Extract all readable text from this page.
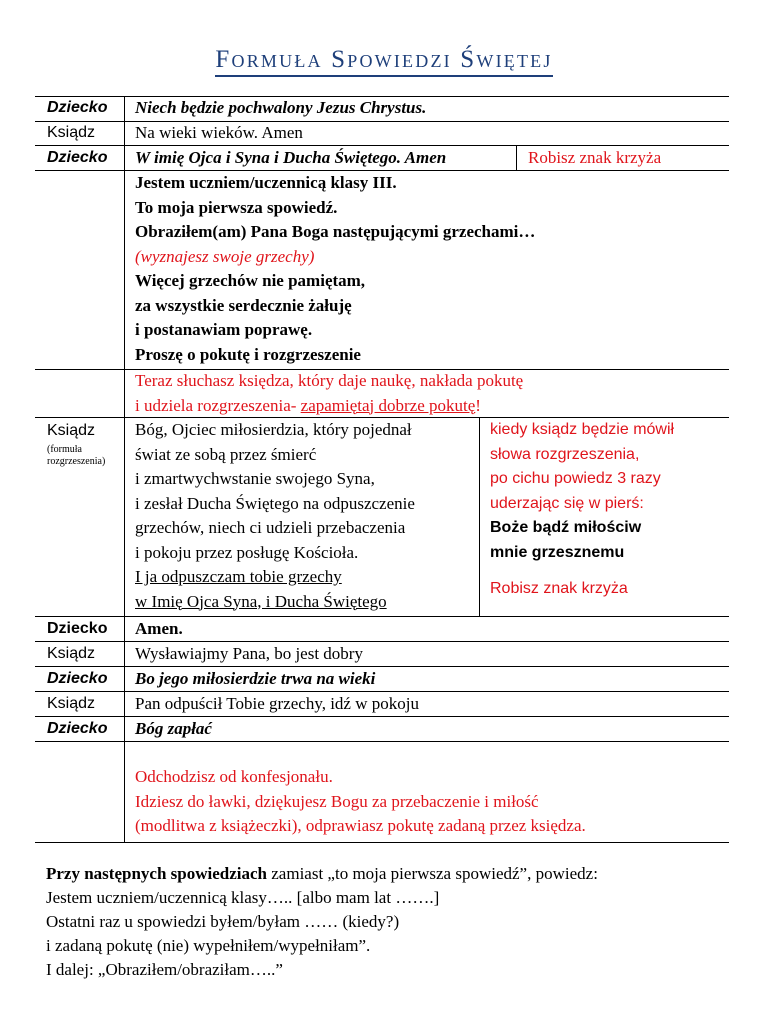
Formuła Spowiedzi Świętej
Dziecko Niech będzie pochwalony Jezus Chrystus.
Ksiądz Na wieki wieków. Amen
Dziecko W imię Ojca i Syna i Ducha Świętego. Amen	Robisz znak krzyża
Jestem uczniem/uczennicą klasy III.
To moja pierwsza spowiedź.
Obraziłem(am) Pana Boga następującymi grzechami…
(wyznajesz swoje grzechy)
Więcej grzechów nie pamiętam,
za wszystkie serdecznie żałuję
i postanawiam poprawę.
Proszę o pokutę i rozgrzeszenie
Teraz słuchasz księdza, który daje naukę, nakłada pokutę
i udziela rozgrzeszenia- zapamiętaj dobrze pokutę!
Ksiądz
(formuła
rozgrzeszenia)
Bóg, Ojciec miłosierdzia, który pojednał
świat ze sobą przez śmierć
i zmartwychwstanie swojego Syna,
i zesłał Ducha Świętego na odpuszczenie
grzechów, niech ci udzieli przebaczenia
i pokoju przez posługę Kościoła.
I ja odpuszczam tobie grzechy
w Imię Ojca Syna, i Ducha Świętego
kiedy ksiądz będzie mówił
słowa rozgrzeszenia,
po cichu powiedz 3 razy
uderzając się w pierś:
Boże bądź miłościw
mnie grzesznemu
Robisz znak krzyża
Dziecko Amen.
Ksiądz Wysławiajmy Pana, bo jest dobry
Dziecko Bo jego miłosierdzie trwa na wieki
Ksiądz Pan odpuścił Tobie grzechy, idź w pokoju
Dziecko Bóg zapłać
Odchodzisz od konfesjonału.
Idziesz do ławki, dziękujesz Bogu za przebaczenie i miłość
(modlitwa z książeczki), odprawiasz pokutę zadaną przez księdza.
Przy następnych spowiedziach zamiast „to moja pierwsza spowiedź”, powiedz:
Jestem uczniem/uczennicą klasy….. [albo mam lat …….]
Ostatni raz u spowiedzi byłem/byłam …… (kiedy?)
i zadaną pokutę (nie) wypełniłem/wypełniłam”.
I dalej: „Obraziłem/obraziłam…..”
